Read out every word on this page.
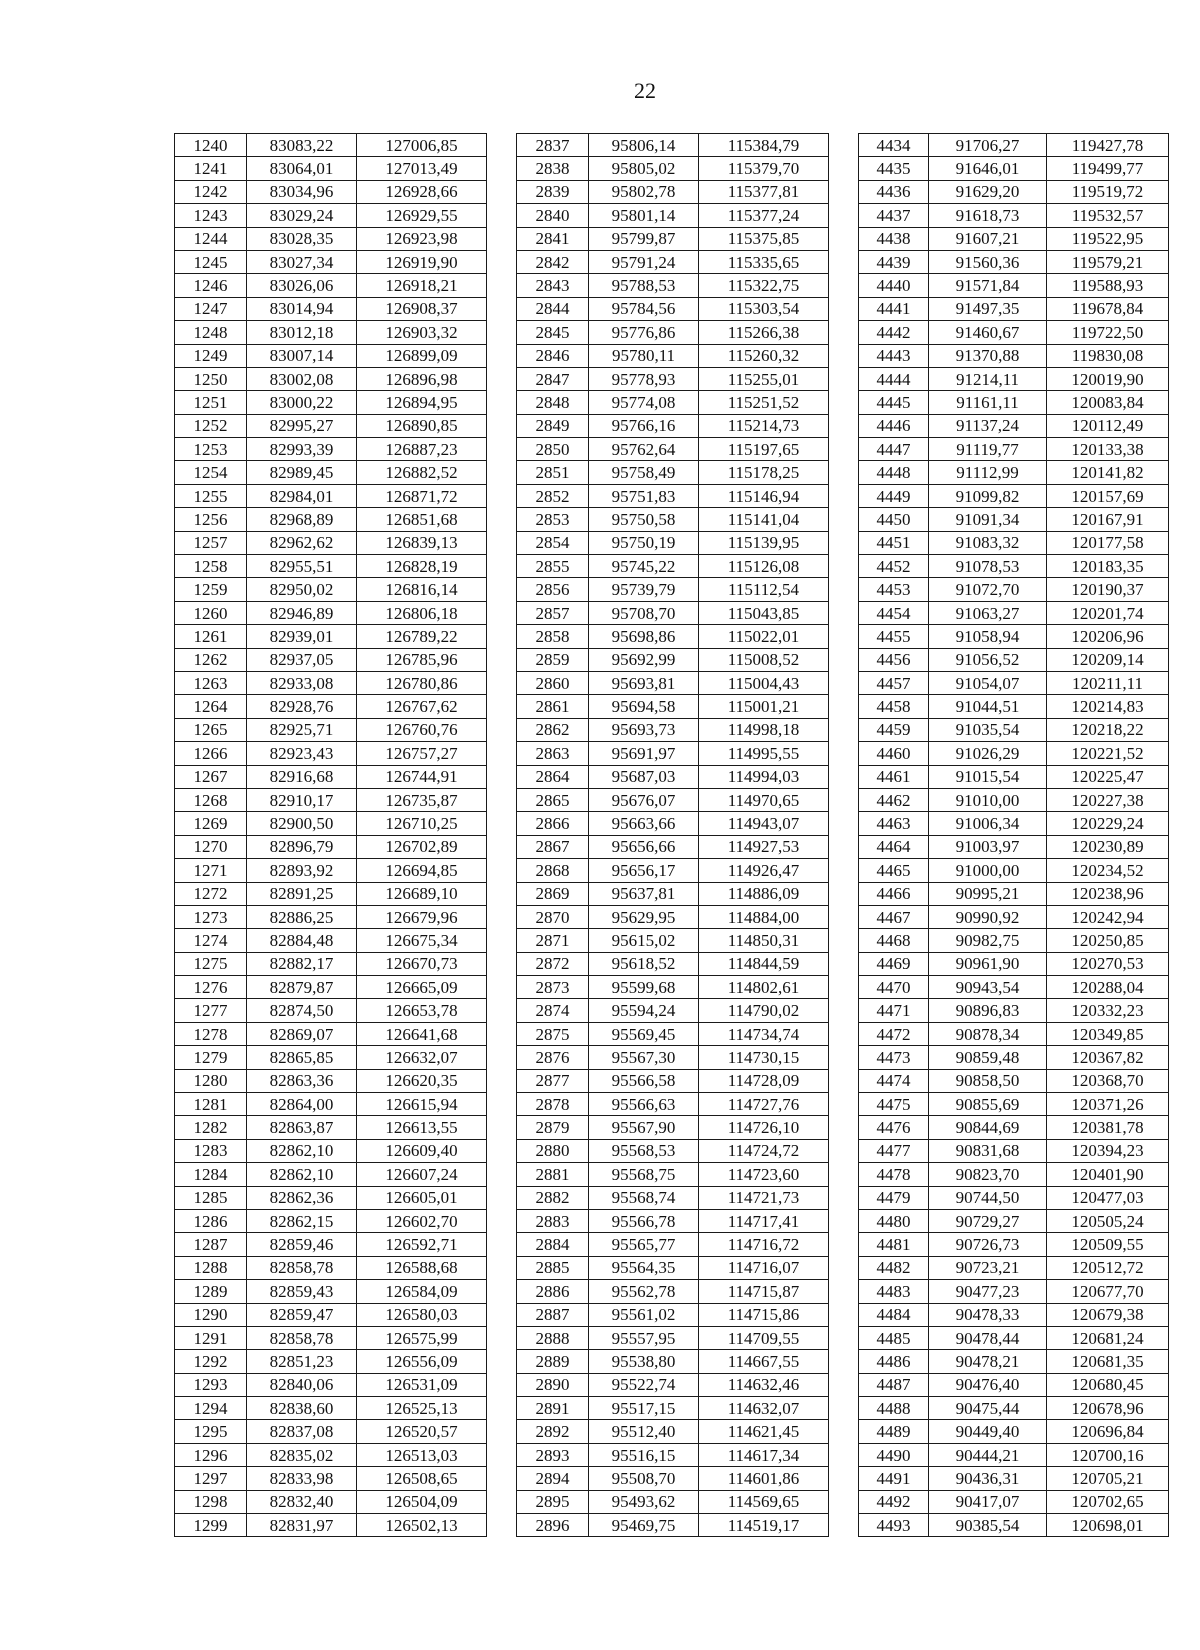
22
1240	83083,22	127006,85		2837	95806,14	115384,79		4434	91706,27	119427,78
1241	83064,01	127013,49		2838	95805,02	115379,70		4435	91646,01	119499,77
1242	83034,96	126928,66		2839	95802,78	115377,81		4436	91629,20	119519,72
1243	83029,24	126929,55		2840	95801,14	115377,24		4437	91618,73	119532,57
1244	83028,35	126923,98		2841	95799,87	115375,85		4438	91607,21	119522,95
1245	83027,34	126919,90		2842	95791,24	115335,65		4439	91560,36	119579,21
1246	83026,06	126918,21		2843	95788,53	115322,75		4440	91571,84	119588,93
1247	83014,94	126908,37		2844	95784,56	115303,54		4441	91497,35	119678,84
1248	83012,18	126903,32		2845	95776,86	115266,38		4442	91460,67	119722,50
1249	83007,14	126899,09		2846	95780,11	115260,32		4443	91370,88	119830,08
1250	83002,08	126896,98		2847	95778,93	115255,01		4444	91214,11	120019,90
1251	83000,22	126894,95		2848	95774,08	115251,52		4445	91161,11	120083,84
1252	82995,27	126890,85		2849	95766,16	115214,73		4446	91137,24	120112,49
1253	82993,39	126887,23		2850	95762,64	115197,65		4447	91119,77	120133,38
1254	82989,45	126882,52		2851	95758,49	115178,25		4448	91112,99	120141,82
1255	82984,01	126871,72		2852	95751,83	115146,94		4449	91099,82	120157,69
1256	82968,89	126851,68		2853	95750,58	115141,04		4450	91091,34	120167,91
1257	82962,62	126839,13		2854	95750,19	115139,95		4451	91083,32	120177,58
1258	82955,51	126828,19		2855	95745,22	115126,08		4452	91078,53	120183,35
1259	82950,02	126816,14		2856	95739,79	115112,54		4453	91072,70	120190,37
1260	82946,89	126806,18		2857	95708,70	115043,85		4454	91063,27	120201,74
1261	82939,01	126789,22		2858	95698,86	115022,01		4455	91058,94	120206,96
1262	82937,05	126785,96		2859	95692,99	115008,52		4456	91056,52	120209,14
1263	82933,08	126780,86		2860	95693,81	115004,43		4457	91054,07	120211,11
1264	82928,76	126767,62		2861	95694,58	115001,21		4458	91044,51	120214,83
1265	82925,71	126760,76		2862	95693,73	114998,18		4459	91035,54	120218,22
1266	82923,43	126757,27		2863	95691,97	114995,55		4460	91026,29	120221,52
1267	82916,68	126744,91		2864	95687,03	114994,03		4461	91015,54	120225,47
1268	82910,17	126735,87		2865	95676,07	114970,65		4462	91010,00	120227,38
1269	82900,50	126710,25		2866	95663,66	114943,07		4463	91006,34	120229,24
1270	82896,79	126702,89		2867	95656,66	114927,53		4464	91003,97	120230,89
1271	82893,92	126694,85		2868	95656,17	114926,47		4465	91000,00	120234,52
1272	82891,25	126689,10		2869	95637,81	114886,09		4466	90995,21	120238,96
1273	82886,25	126679,96		2870	95629,95	114884,00		4467	90990,92	120242,94
1274	82884,48	126675,34		2871	95615,02	114850,31		4468	90982,75	120250,85
1275	82882,17	126670,73		2872	95618,52	114844,59		4469	90961,90	120270,53
1276	82879,87	126665,09		2873	95599,68	114802,61		4470	90943,54	120288,04
1277	82874,50	126653,78		2874	95594,24	114790,02		4471	90896,83	120332,23
1278	82869,07	126641,68		2875	95569,45	114734,74		4472	90878,34	120349,85
1279	82865,85	126632,07		2876	95567,30	114730,15		4473	90859,48	120367,82
1280	82863,36	126620,35		2877	95566,58	114728,09		4474	90858,50	120368,70
1281	82864,00	126615,94		2878	95566,63	114727,76		4475	90855,69	120371,26
1282	82863,87	126613,55		2879	95567,90	114726,10		4476	90844,69	120381,78
1283	82862,10	126609,40		2880	95568,53	114724,72		4477	90831,68	120394,23
1284	82862,10	126607,24		2881	95568,75	114723,60		4478	90823,70	120401,90
1285	82862,36	126605,01		2882	95568,74	114721,73		4479	90744,50	120477,03
1286	82862,15	126602,70		2883	95566,78	114717,41		4480	90729,27	120505,24
1287	82859,46	126592,71		2884	95565,77	114716,72		4481	90726,73	120509,55
1288	82858,78	126588,68		2885	95564,35	114716,07		4482	90723,21	120512,72
1289	82859,43	126584,09		2886	95562,78	114715,87		4483	90477,23	120677,70
1290	82859,47	126580,03		2887	95561,02	114715,86		4484	90478,33	120679,38
1291	82858,78	126575,99		2888	95557,95	114709,55		4485	90478,44	120681,24
1292	82851,23	126556,09		2889	95538,80	114667,55		4486	90478,21	120681,35
1293	82840,06	126531,09		2890	95522,74	114632,46		4487	90476,40	120680,45
1294	82838,60	126525,13		2891	95517,15	114632,07		4488	90475,44	120678,96
1295	82837,08	126520,57		2892	95512,40	114621,45		4489	90449,40	120696,84
1296	82835,02	126513,03		2893	95516,15	114617,34		4490	90444,21	120700,16
1297	82833,98	126508,65		2894	95508,70	114601,86		4491	90436,31	120705,21
1298	82832,40	126504,09		2895	95493,62	114569,65		4492	90417,07	120702,65
1299	82831,97	126502,13		2896	95469,75	114519,17		4493	90385,54	120698,01
